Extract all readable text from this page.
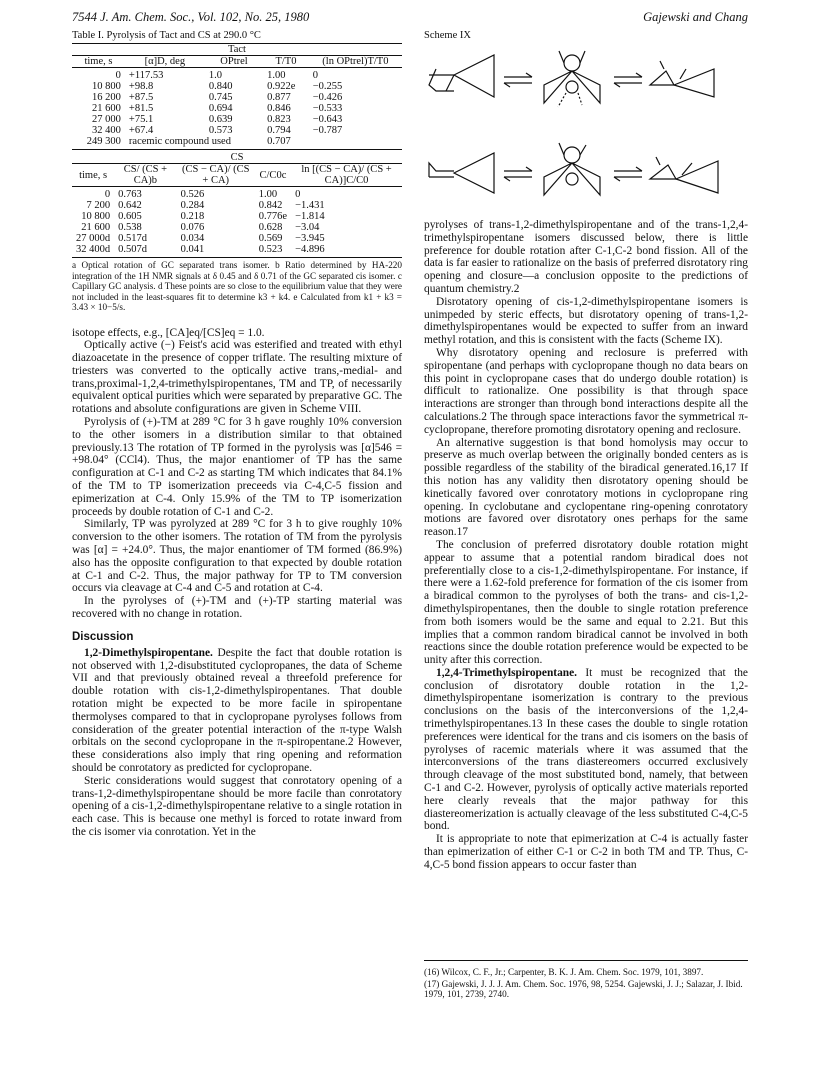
7544 J. Am. Chem. Soc., Vol. 102, No. 25, 1980	Gajewski and Chang
Table I. Pyrolysis of Tact and CS at 290.0 °C
Tact				
time, s	[α]D, deg	OPtrel	T/T0	(ln OPtrel)T/T0
0	+117.53	1.0	1.00	0
10 800	+98.8	0.840	0.922e	−0.255
16 200	+87.5	0.745	0.877	−0.426
21 600	+81.5	0.694	0.846	−0.533
27 000	+75.1	0.639	0.823	−0.643
32 400	+67.4	0.573	0.794	−0.787
249 300	racemic compound used		0.707	
CS
time, s	CS/ (CS + CA)b	(CS − CA)/ (CS + CA)	C/C0c	ln [(CS − CA)/ (CS + CA)]C/C0
0	0.763	0.526	1.00	0
7 200	0.642	0.284	0.842	−1.431
10 800	0.605	0.218	0.776e	−1.814
21 600	0.538	0.076	0.628	−3.04
27 000d	0.517d	0.034	0.569	−3.945
32 400d	0.507d	0.041	0.523	−4.896
a Optical rotation of GC separated trans isomer. b Ratio determined by HA-220 integration of the 1H NMR signals at δ 0.45 and δ 0.71 of the GC separated cis isomer. c Capillary GC analysis. d These points are so close to the equilibrium value that they were not included in the least-squares fit to determine k3 + k4. e Calculated from k1 + k3 = 3.43 × 10−5/s.

isotope effects, e.g., [CA]eq/[CS]eq = 1.0.

Optically active (−) Feist's acid was esterified and treated with ethyl diazoacetate in the presence of copper triflate. The resulting mixture of triesters was converted to the optically active trans,-medial- and trans,proximal-1,2,4-trimethylspiropentanes, TM and TP, of necessarily equivalent optical purities which were separated by preparative GC. The rotations and absolute configurations are given in Scheme VIII.

Pyrolysis of (+)-TM at 289 °C for 3 h gave roughly 10% conversion to the other isomers in a distribution similar to that obtained previously.13 The rotation of TP formed in the pyrolysis was [α]546 = +98.04° (CCl4). Thus, the major enantiomer of TP has the same configuration at C-1 and C-2 as starting TM which indicates that 84.1% of the TM to TP isomerization preceeds via C-4,C-5 fission and epimerization at C-4. Only 15.9% of the TM to TP isomerization proceeds by double rotation of C-1 and C-2.

Similarly, TP was pyrolyzed at 289 °C for 3 h to give roughly 10% conversion to the other isomers. The rotation of TM from the pyrolysis was [α] = +24.0°. Thus, the major enantiomer of TM formed (86.9%) also has the opposite configuration to that expected by double rotation at C-1 and C-2. Thus, the major pathway for TP to TM conversion occurs via cleavage at C-4 and C-5 and rotation at C-4.

In the pyrolyses of (+)-TM and (+)-TP starting material was recovered with no change in rotation.

Discussion

1,2-Dimethylspiropentane. Despite the fact that double rotation is not observed with 1,2-disubstituted cyclopropanes, the data of Scheme VII and that previously obtained reveal a threefold preference for double rotation with cis-1,2-dimethylspiropentanes. That double rotation might be expected to be more facile in spiropentane thermolyses compared to that in cyclopropane pyrolyses follows from consideration of the greater potential interaction of the π-type Walsh orbitals on the second cyclopropane in the π-spiropentane.2 However, these considerations also imply that ring opening and reformation should be conrotatory as predicted for cyclopropane.

Steric considerations would suggest that conrotatory opening of a trans-1,2-dimethylspiropentane should be more facile than conrotatory opening of a cis-1,2-dimethylspiropentane relative to a single rotation in each case. This is because one methyl is forced to rotate inward from the cis isomer via conrotation. Yet in the

Scheme IX

pyrolyses of trans-1,2-dimethylspiropentane and of the trans-1,2,4-trimethylspiropentane isomers discussed below, there is little preference for double rotation after C-1,C-2 bond fission. All of the data is far easier to rationalize on the basis of preferred disrotatory ring opening and closure—a conclusion opposite to the predictions of quantum chemistry.2

Disrotatory opening of cis-1,2-dimethylspiropentane isomers is unimpeded by steric effects, but disrotatory opening of trans-1,2-dimethylspiropentanes would be expected to suffer from an inward methyl rotation, and this is consistent with the facts (Scheme IX).

Why disrotatory opening and reclosure is preferred with spiropentane (and perhaps with cyclopropane though no data bears on this point in cyclopropane cases that do undergo double rotation) is difficult to rationalize. One possibility is that through space interactions are stronger than through bond interactions despite all the calculations.2 The through space interactions favor the symmetrical π-cyclopropane, therefore promoting disrotatory opening and reclosure.

An alternative suggestion is that bond homolysis may occur to preserve as much overlap between the originally bonded centers as is possible regardless of the stability of the biradical generated.16,17 If this notion has any validity then disrotatory opening should be kinetically favored over conrotatory motions in cyclopropane ring opening. In cyclobutane and cyclopentane ring-opening conrotatory motions are favored over disrotatory ones perhaps for the same reason.17

The conclusion of preferred disrotatory double rotation might appear to assume that a potential random biradical does not preferentially close to a cis-1,2-dimethylspiropentane. For instance, if there were a 1.62-fold preference for formation of the cis isomer from a biradical common to the pyrolyses of both the trans- and cis-1,2-dimethylspiropentanes, then the double to single rotation preference from both isomers would be the same and equal to 2.21. But this implies that a common random biradical cannot be involved in both reactions since the double rotation preference would be expected to be unity after this correction.

1,2,4-Trimethylspiropentane. It must be recognized that the conclusion of disrotatory double rotation in the 1,2-dimethylspiropentane isomerization is contrary to the previous conclusions on the basis of the interconversions of the 1,2,4-trimethylspiropentanes.13 In these cases the double to single rotation preferences were identical for the trans and cis isomers on the basis of pyrolyses of racemic materials where it was assumed that the interconversions of the trans diastereomers occurred exclusively through cleavage of the most substituted bond, namely, that between C-1 and C-2. However, pyrolysis of optically active materials reported here clearly reveals that the major pathway for this diastereomerization is actually cleavage of the less substituted C-4,C-5 bond.

It is appropriate to note that epimerization at C-4 is actually faster than epimerization of either C-1 or C-2 in both TM and TP. Thus, C-4,C-5 bond fission appears to occur faster than

(16) Wilcox, C. F., Jr.; Carpenter, B. K. J. Am. Chem. Soc. 1979, 101, 3897.
(17) Gajewski, J. J. J. Am. Chem. Soc. 1976, 98, 5254. Gajewski, J. J.; Salazar, J. Ibid. 1979, 101, 2739, 2740.
